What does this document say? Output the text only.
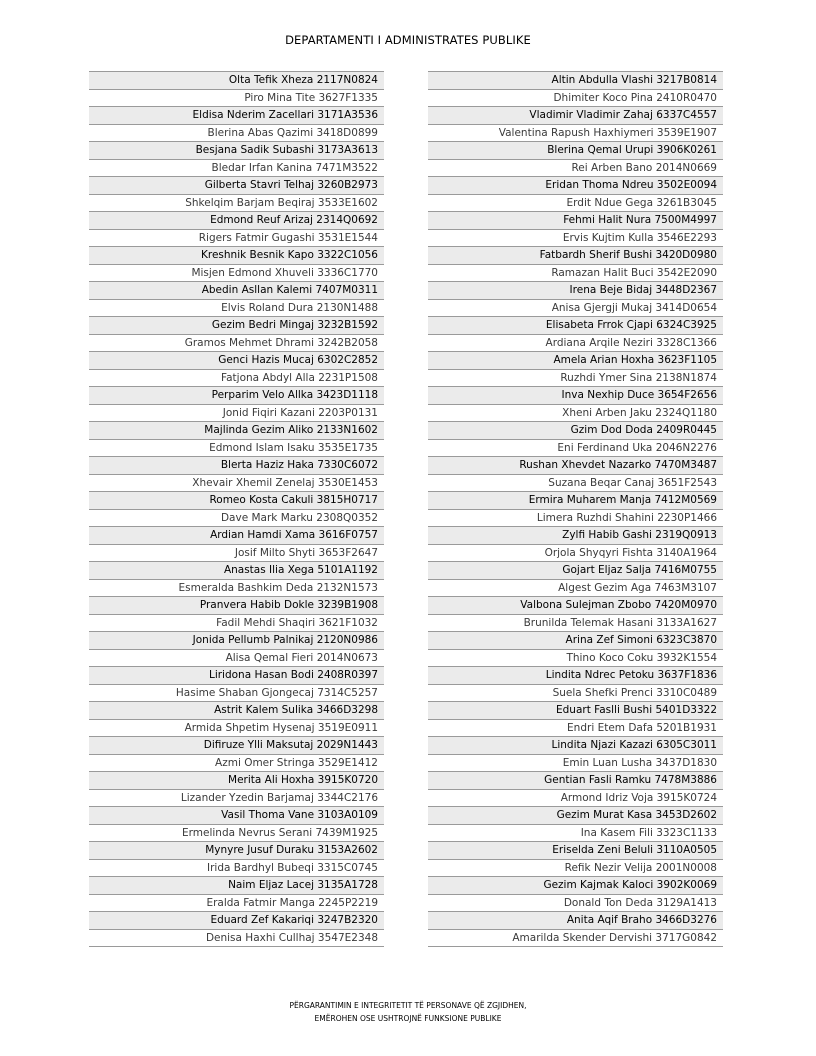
DEPARTAMENTI I ADMINISTRATES PUBLIKE
Olta Tefik Xheza 2117N0824
Piro Mina Tite 3627F1335
Eldisa Nderim Zacellari 3171A3536
Blerina Abas Qazimi 3418D0899
Besjana Sadik Subashi 3173A3613
Bledar Irfan Kanina 7471M3522
Gilberta Stavri Telhaj 3260B2973
Shkelqim Barjam Beqiraj 3533E1602
Edmond Reuf Arizaj 2314Q0692
Rigers Fatmir Gugashi 3531E1544
Kreshnik Besnik Kapo 3322C1056
Misjen Edmond Xhuveli 3336C1770
Abedin Asllan Kalemi 7407M0311
Elvis Roland Dura 2130N1488
Gezim Bedri Mingaj 3232B1592
Gramos Mehmet Dhrami 3242B2058
Genci Hazis Mucaj 6302C2852
Fatjona Abdyl Alla 2231P1508
Perparim Velo Allka 3423D1118
Jonid Fiqiri Kazani 2203P0131
Majlinda Gezim Aliko 2133N1602
Edmond Islam Isaku 3535E1735
Blerta Haziz Haka 7330C6072
Xhevair Xhemil Zenelaj 3530E1453
Romeo Kosta Cakuli 3815H0717
Dave Mark Marku 2308Q0352
Ardian Hamdi Xama 3616F0757
Josif Milto Shyti 3653F2647
Anastas Ilia Xega 5101A1192
Esmeralda Bashkim Deda 2132N1573
Pranvera Habib Dokle 3239B1908
Fadil Mehdi Shaqiri 3621F1032
Jonida Pellumb Palnikaj 2120N0986
Alisa Qemal Fieri 2014N0673
Liridona Hasan Bodi 2408R0397
Hasime Shaban Gjongecaj 7314C5257
Astrit Kalem Sulika 3466D3298
Armida Shpetim Hysenaj 3519E0911
Difiruze Ylli Maksutaj 2029N1443
Azmi Omer Stringa 3529E1412
Merita Ali Hoxha 3915K0720
Lizander Yzedin Barjamaj 3344C2176
Vasil Thoma Vane 3103A0109
Ermelinda Nevrus Serani 7439M1925
Mynyre Jusuf Duraku 3153A2602
Irida Bardhyl Bubeqi 3315C0745
Naim Eljaz Lacej 3135A1728
Eralda Fatmir Manga 2245P2219
Eduard Zef Kakariqi 3247B2320
Denisa Haxhi Cullhaj 3547E2348
Altin Abdulla Vlashi 3217B0814
Dhimiter Koco Pina 2410R0470
Vladimir Vladimir Zahaj 6337C4557
Valentina Rapush Haxhiymeri 3539E1907
Blerina Qemal Urupi 3906K0261
Rei Arben Bano 2014N0669
Eridan Thoma Ndreu 3502E0094
Erdit Ndue Gega 3261B3045
Fehmi Halit Nura 7500M4997
Ervis Kujtim Kulla 3546E2293
Fatbardh Sherif Bushi 3420D0980
Ramazan Halit Buci 3542E2090
Irena Beje Bidaj 3448D2367
Anisa Gjergji Mukaj 3414D0654
Elisabeta Frrok Cjapi 6324C3925
Ardiana Arqile Neziri 3328C1366
Amela Arian Hoxha 3623F1105
Ruzhdi Ymer Sina 2138N1874
Inva Nexhip Duce 3654F2656
Xheni Arben Jaku 2324Q1180
Gzim Dod Doda 2409R0445
Eni Ferdinand Uka 2046N2276
Rushan Xhevdet Nazarko 7470M3487
Suzana Beqar Canaj 3651F2543
Ermira Muharem Manja 7412M0569
Limera Ruzhdi Shahini 2230P1466
Zylfi Habib Gashi 2319Q0913
Orjola Shyqyri Fishta 3140A1964
Gojart Eljaz Salja 7416M0755
Algest Gezim Aga 7463M3107
Valbona Sulejman Zbobo 7420M0970
Brunilda Telemak Hasani 3133A1627
Arina Zef Simoni 6323C3870
Thino Koco Coku 3932K1554
Lindita Ndrec Petoku 3637F1836
Suela Shefki Prenci 3310C0489
Eduart Faslli Bushi 5401D3322
Endri Etem Dafa 5201B1931
Lindita Njazi Kazazi 6305C3011
Emin Luan Lusha 3437D1830
Gentian Fasli Ramku 7478M3886
Armond Idriz Voja 3915K0724
Gezim Murat Kasa 3453D2602
Ina Kasem Fili 3323C1133
Eriselda Zeni Beluli 3110A0505
Refik Nezir Velija 2001N0008
Gezim Kajmak Kaloci 3902K0069
Donald Ton Deda 3129A1413
Anita Aqif Braho 3466D3276
Amarilda Skender Dervishi 3717G0842
PËRGARANTIMIN E INTEGRITETIT TË PERSONAVE QË ZGJIDHEN,
EMËROHEN OSE USHTROJNË FUNKSIONE PUBLIKE
